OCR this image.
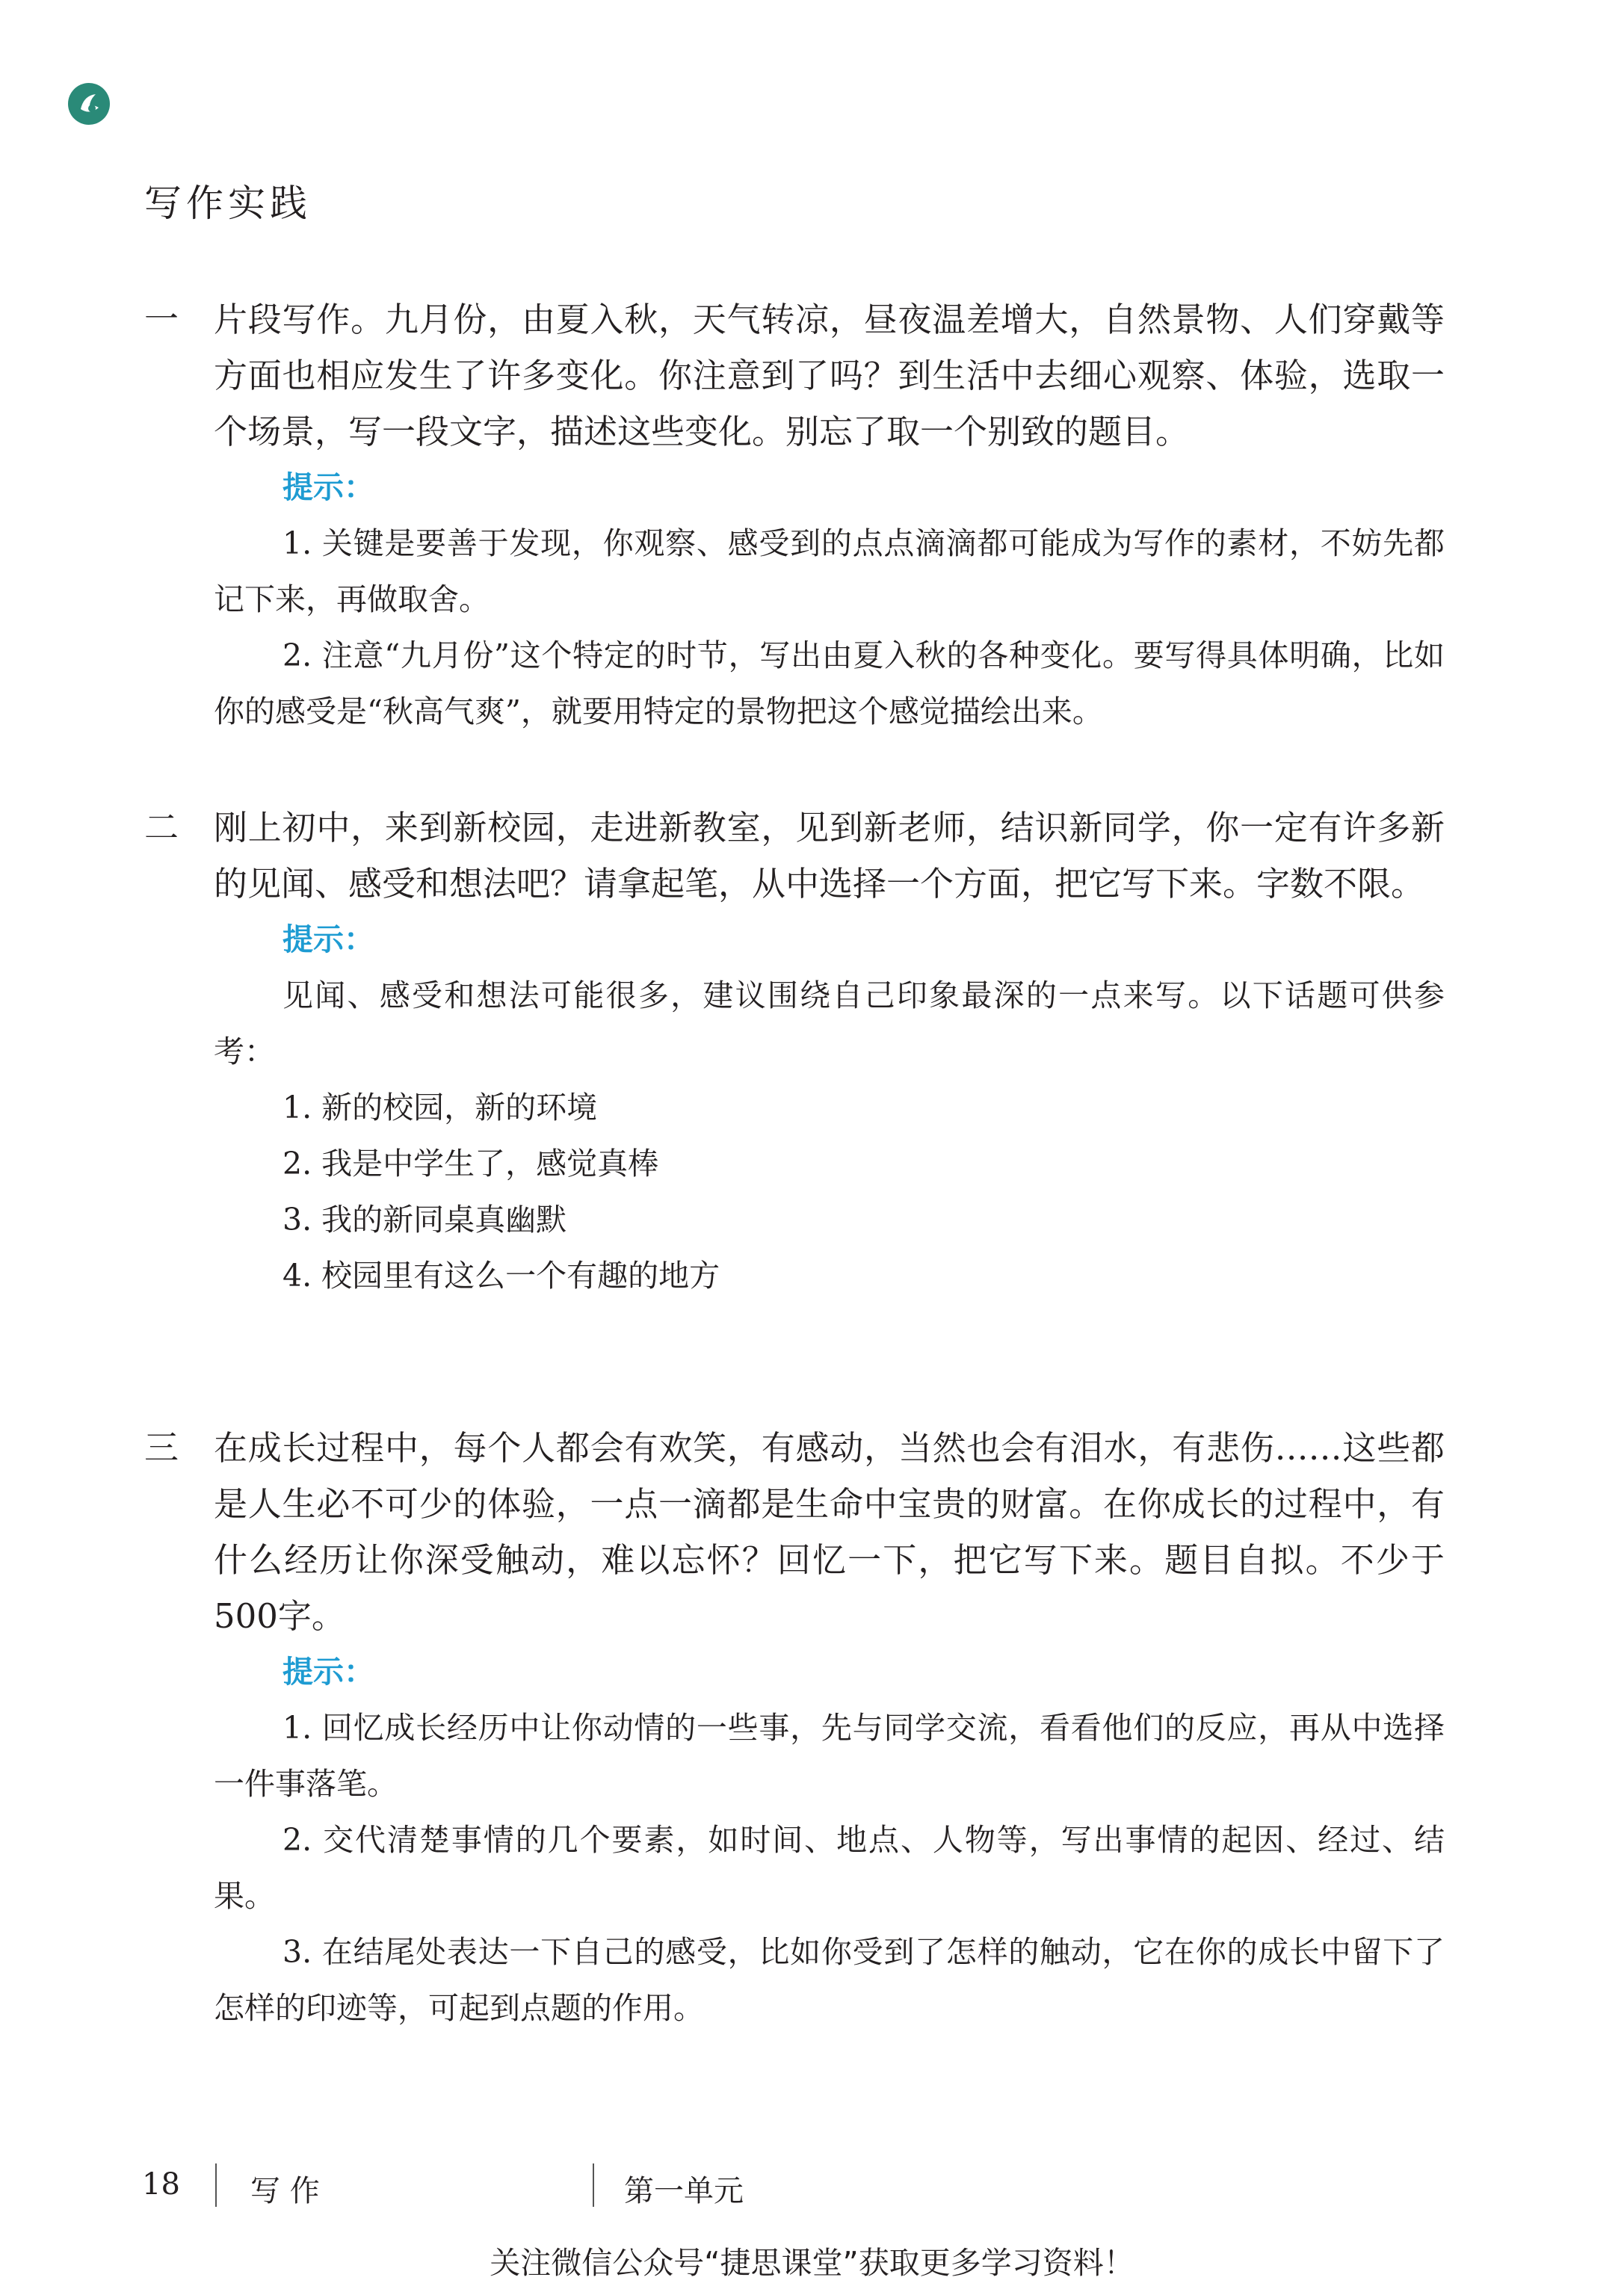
写作实践
一 片段写作。九月份，由夏入秋，天气转凉，昼夜温差增大，自然景物、人们穿戴等方面也相应发生了许多变化。你注意到了吗？到生活中去细心观察、体验，选取一个场景，写一段文字，描述这些变化。别忘了取一个别致的题目。

提示：

1. 关键是要善于发现，你观察、感受到的点点滴滴都可能成为写作的素材，不妨先都记下来，再做取舍。

2. 注意“九月份”这个特定的时节，写出由夏入秋的各种变化。要写得具体明确，比如你的感受是“秋高气爽”，就要用特定的景物把这个感觉描绘出来。

二 刚上初中，来到新校园，走进新教室，见到新老师，结识新同学，你一定有许多新的见闻、感受和想法吧？请拿起笔，从中选择一个方面，把它写下来。字数不限。

提示：

见闻、感受和想法可能很多，建议围绕自己印象最深的一点来写。以下话题可供参考：

1. 新的校园，新的环境
2. 我是中学生了，感觉真棒
3. 我的新同桌真幽默
4. 校园里有这么一个有趣的地方
三 在成长过程中，每个人都会有欢笑，有感动，当然也会有泪水，有悲伤……这些都是人生必不可少的体验，一点一滴都是生命中宝贵的财富。在你成长的过程中，有什么经历让你深受触动，难以忘怀？回忆一下，把它写下来。题目自拟。不少于500字。

提示：

1. 回忆成长经历中让你动情的一些事，先与同学交流，看看他们的反应，再从中选择一件事落笔。

2. 交代清楚事情的几个要素，如时间、地点、人物等，写出事情的起因、经过、结果。

3. 在结尾处表达一下自己的感受，比如你受到了怎样的触动，它在你的成长中留下了怎样的印迹等，可起到点题的作用。

18 写 作	第一单元
关注微信公众号“捷思课堂”获取更多学习资料！
